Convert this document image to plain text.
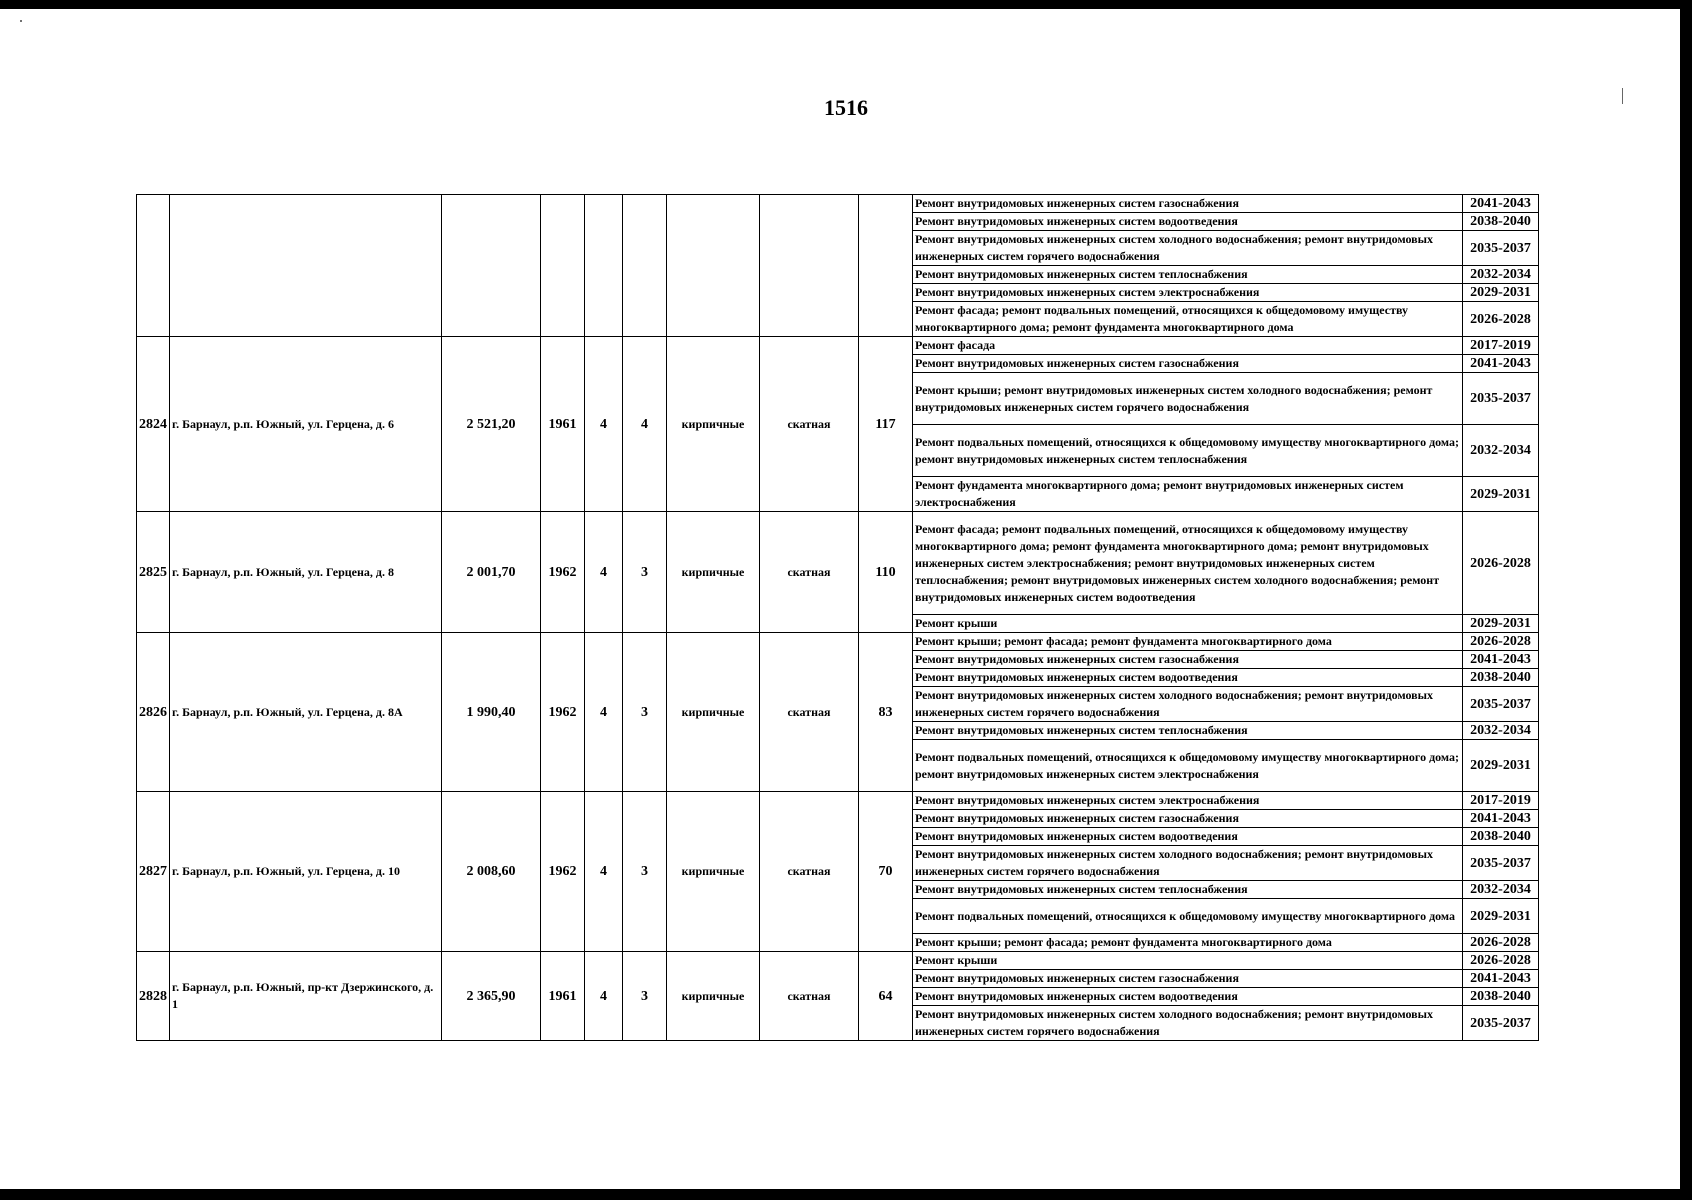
1516
									Ремонт внутридомовых инженерных систем газоснабжения	2041-2043
									Ремонт внутридомовых инженерных систем водоотведения	2038-2040
									Ремонт внутридомовых инженерных систем холодного водоснабжения; ремонт внутридомовых инженерных систем горячего водоснабжения	2035-2037
									Ремонт внутридомовых инженерных систем теплоснабжения	2032-2034
									Ремонт внутридомовых инженерных систем электроснабжения	2029-2031
									Ремонт фасада; ремонт подвальных помещений, относящихся к общедомовому имуществу многоквартирного дома; ремонт фундамента многоквартирного дома	2026-2028
2824	г. Барнаул, р.п. Южный, ул. Герцена, д. 6	2 521,20	1961	4	4	кирпичные	скатная	117	Ремонт фасада	2017-2019
									Ремонт внутридомовых инженерных систем газоснабжения	2041-2043
									Ремонт крыши; ремонт внутридомовых инженерных систем холодного водоснабжения; ремонт внутридомовых инженерных систем горячего водоснабжения	2035-2037
									Ремонт подвальных помещений, относящихся к общедомовому имуществу многоквартирного дома; ремонт внутридомовых инженерных систем теплоснабжения	2032-2034
									Ремонт фундамента многоквартирного дома; ремонт внутридомовых инженерных систем электроснабжения	2029-2031
2825	г. Барнаул, р.п. Южный, ул. Герцена, д. 8	2 001,70	1962	4	3	кирпичные	скатная	110	Ремонт фасада; ремонт подвальных помещений, относящихся к общедомовому имуществу многоквартирного дома; ремонт фундамента многоквартирного дома; ремонт внутридомовых инженерных систем электроснабжения; ремонт внутридомовых инженерных систем теплоснабжения; ремонт внутридомовых инженерных систем холодного водоснабжения; ремонт внутридомовых инженерных систем водоотведения	2026-2028
									Ремонт крыши	2029-2031
2826	г. Барнаул, р.п. Южный, ул. Герцена, д. 8А	1 990,40	1962	4	3	кирпичные	скатная	83	Ремонт крыши; ремонт фасада; ремонт фундамента многоквартирного дома	2026-2028
									Ремонт внутридомовых инженерных систем газоснабжения	2041-2043
									Ремонт внутридомовых инженерных систем водоотведения	2038-2040
									Ремонт внутридомовых инженерных систем холодного водоснабжения; ремонт внутридомовых инженерных систем горячего водоснабжения	2035-2037
									Ремонт внутридомовых инженерных систем теплоснабжения	2032-2034
									Ремонт подвальных помещений, относящихся к общедомовому имуществу многоквартирного дома; ремонт внутридомовых инженерных систем электроснабжения	2029-2031
2827	г. Барнаул, р.п. Южный, ул. Герцена, д. 10	2 008,60	1962	4	3	кирпичные	скатная	70	Ремонт внутридомовых инженерных систем электроснабжения	2017-2019
									Ремонт внутридомовых инженерных систем газоснабжения	2041-2043
									Ремонт внутридомовых инженерных систем водоотведения	2038-2040
									Ремонт внутридомовых инженерных систем холодного водоснабжения; ремонт внутридомовых инженерных систем горячего водоснабжения	2035-2037
									Ремонт внутридомовых инженерных систем теплоснабжения	2032-2034
									Ремонт подвальных помещений, относящихся к общедомовому имуществу многоквартирного дома	2029-2031
									Ремонт крыши; ремонт фасада; ремонт фундамента многоквартирного дома	2026-2028
2828	г. Барнаул, р.п. Южный, пр-кт Дзержинского, д. 1	2 365,90	1961	4	3	кирпичные	скатная	64	Ремонт крыши	2026-2028
									Ремонт внутридомовых инженерных систем газоснабжения	2041-2043
									Ремонт внутридомовых инженерных систем водоотведения	2038-2040
									Ремонт внутридомовых инженерных систем холодного водоснабжения; ремонт внутридомовых инженерных систем горячего водоснабжения	2035-2037
